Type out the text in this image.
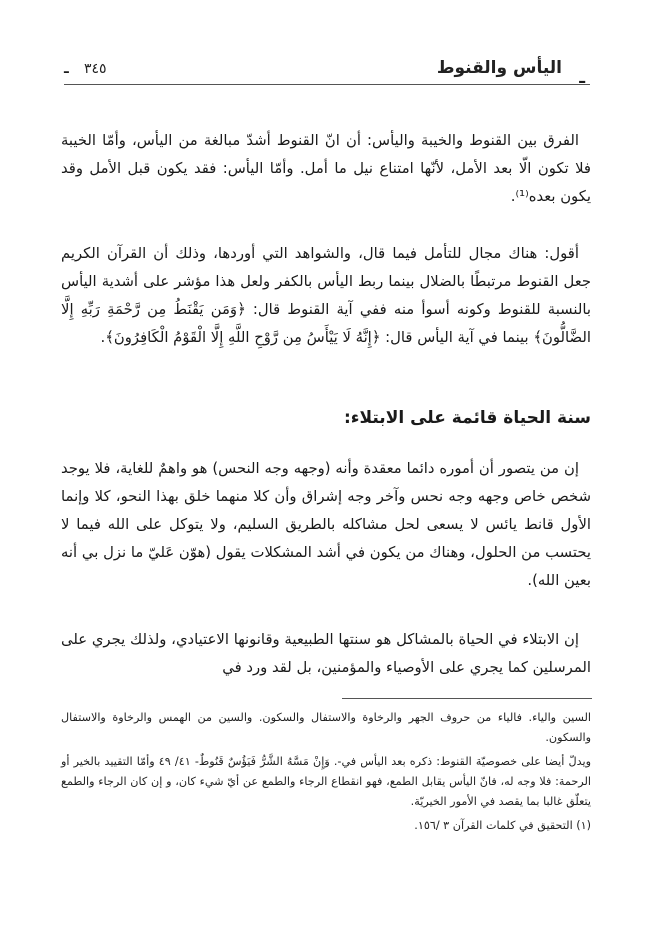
اليأس والقنوط ـ
ـ ٣٤٥

الفرق بين القنوط والخيبة واليأس: أن انّ القنوط أشدّ مبالغة من اليأس، وأمّا الخيبة فلا تكون الّا بعد الأمل، لأنّها امتناع نيل ما أمل. وأمّا اليأس: فقد يكون قبل الأمل وقد يكون بعده⁽¹⁾.

أقول: هناك مجال للتأمل فيما قال، والشواهد التي أوردها، وذلك أن القرآن الكريم جعل القنوط مرتبطًا بالضلال بينما ربط اليأس بالكفر ولعل هذا مؤشر على أشدية اليأس بالنسبة للقنوط وكونه أسوأ منه ففي آية القنوط قال: ﴿وَمَن يَقْنَطُ مِن رَّحْمَةِ رَبِّهِ إِلَّا الضَّالُّونَ﴾ بينما في آية اليأس قال: ﴿إِنَّهُ لَا يَيْأَسُ مِن رَّوْحِ اللَّهِ إِلَّا الْقَوْمُ الْكَافِرُونَ﴾.

سنة الحياة قائمة على الابتلاء:

إن من يتصور أن أموره دائما معقدة وأنه (وجهه وجه النحس) هو واهمٌ للغاية، فلا يوجد شخص خاص وجهه وجه نحس وآخر وجه إشراق وأن كلا منهما خلق بهذا النحو، كلا وإنما الأول قانط يائس لا يسعى لحل مشاكله بالطريق السليم، ولا يتوكل على الله فيما لا يحتسب من الحلول، وهناك من يكون في أشد المشكلات يقول (هوّن عَليّ ما نزل بي أنه بعين الله).

إن الابتلاء في الحياة بالمشاكل هو سنتها الطبيعية وقانونها الاعتيادي، ولذلك يجري على المرسلين كما يجري على الأوصياء والمؤمنين، بل لقد ورد في

السين والياء. فالياء من حروف الجهر والرخاوة والاستفال والسكون. والسين من الهمس والرخاوة والاستفال والسكون.

ويدلّ أيضا على خصوصيّة القنوط: ذكره بعد اليأس في-. وَإِنْ مَسَّهُ الشَّرُّ فَيَؤُسٌ قَنُوطٌ- ٤١/ ٤٩ وأمّا التقييد بالخير أو الرحمة: فلا وجه له، فانّ اليأس يقابل الطمع، فهو انقطاع الرجاء والطمع عن أيّ شيء كان، و إن كان الرجاء والطمع يتعلّق غالبا بما يقصد في الأمور الخيريّة.

(١) التحقيق في كلمات القرآن ٣ /١٥٦.
